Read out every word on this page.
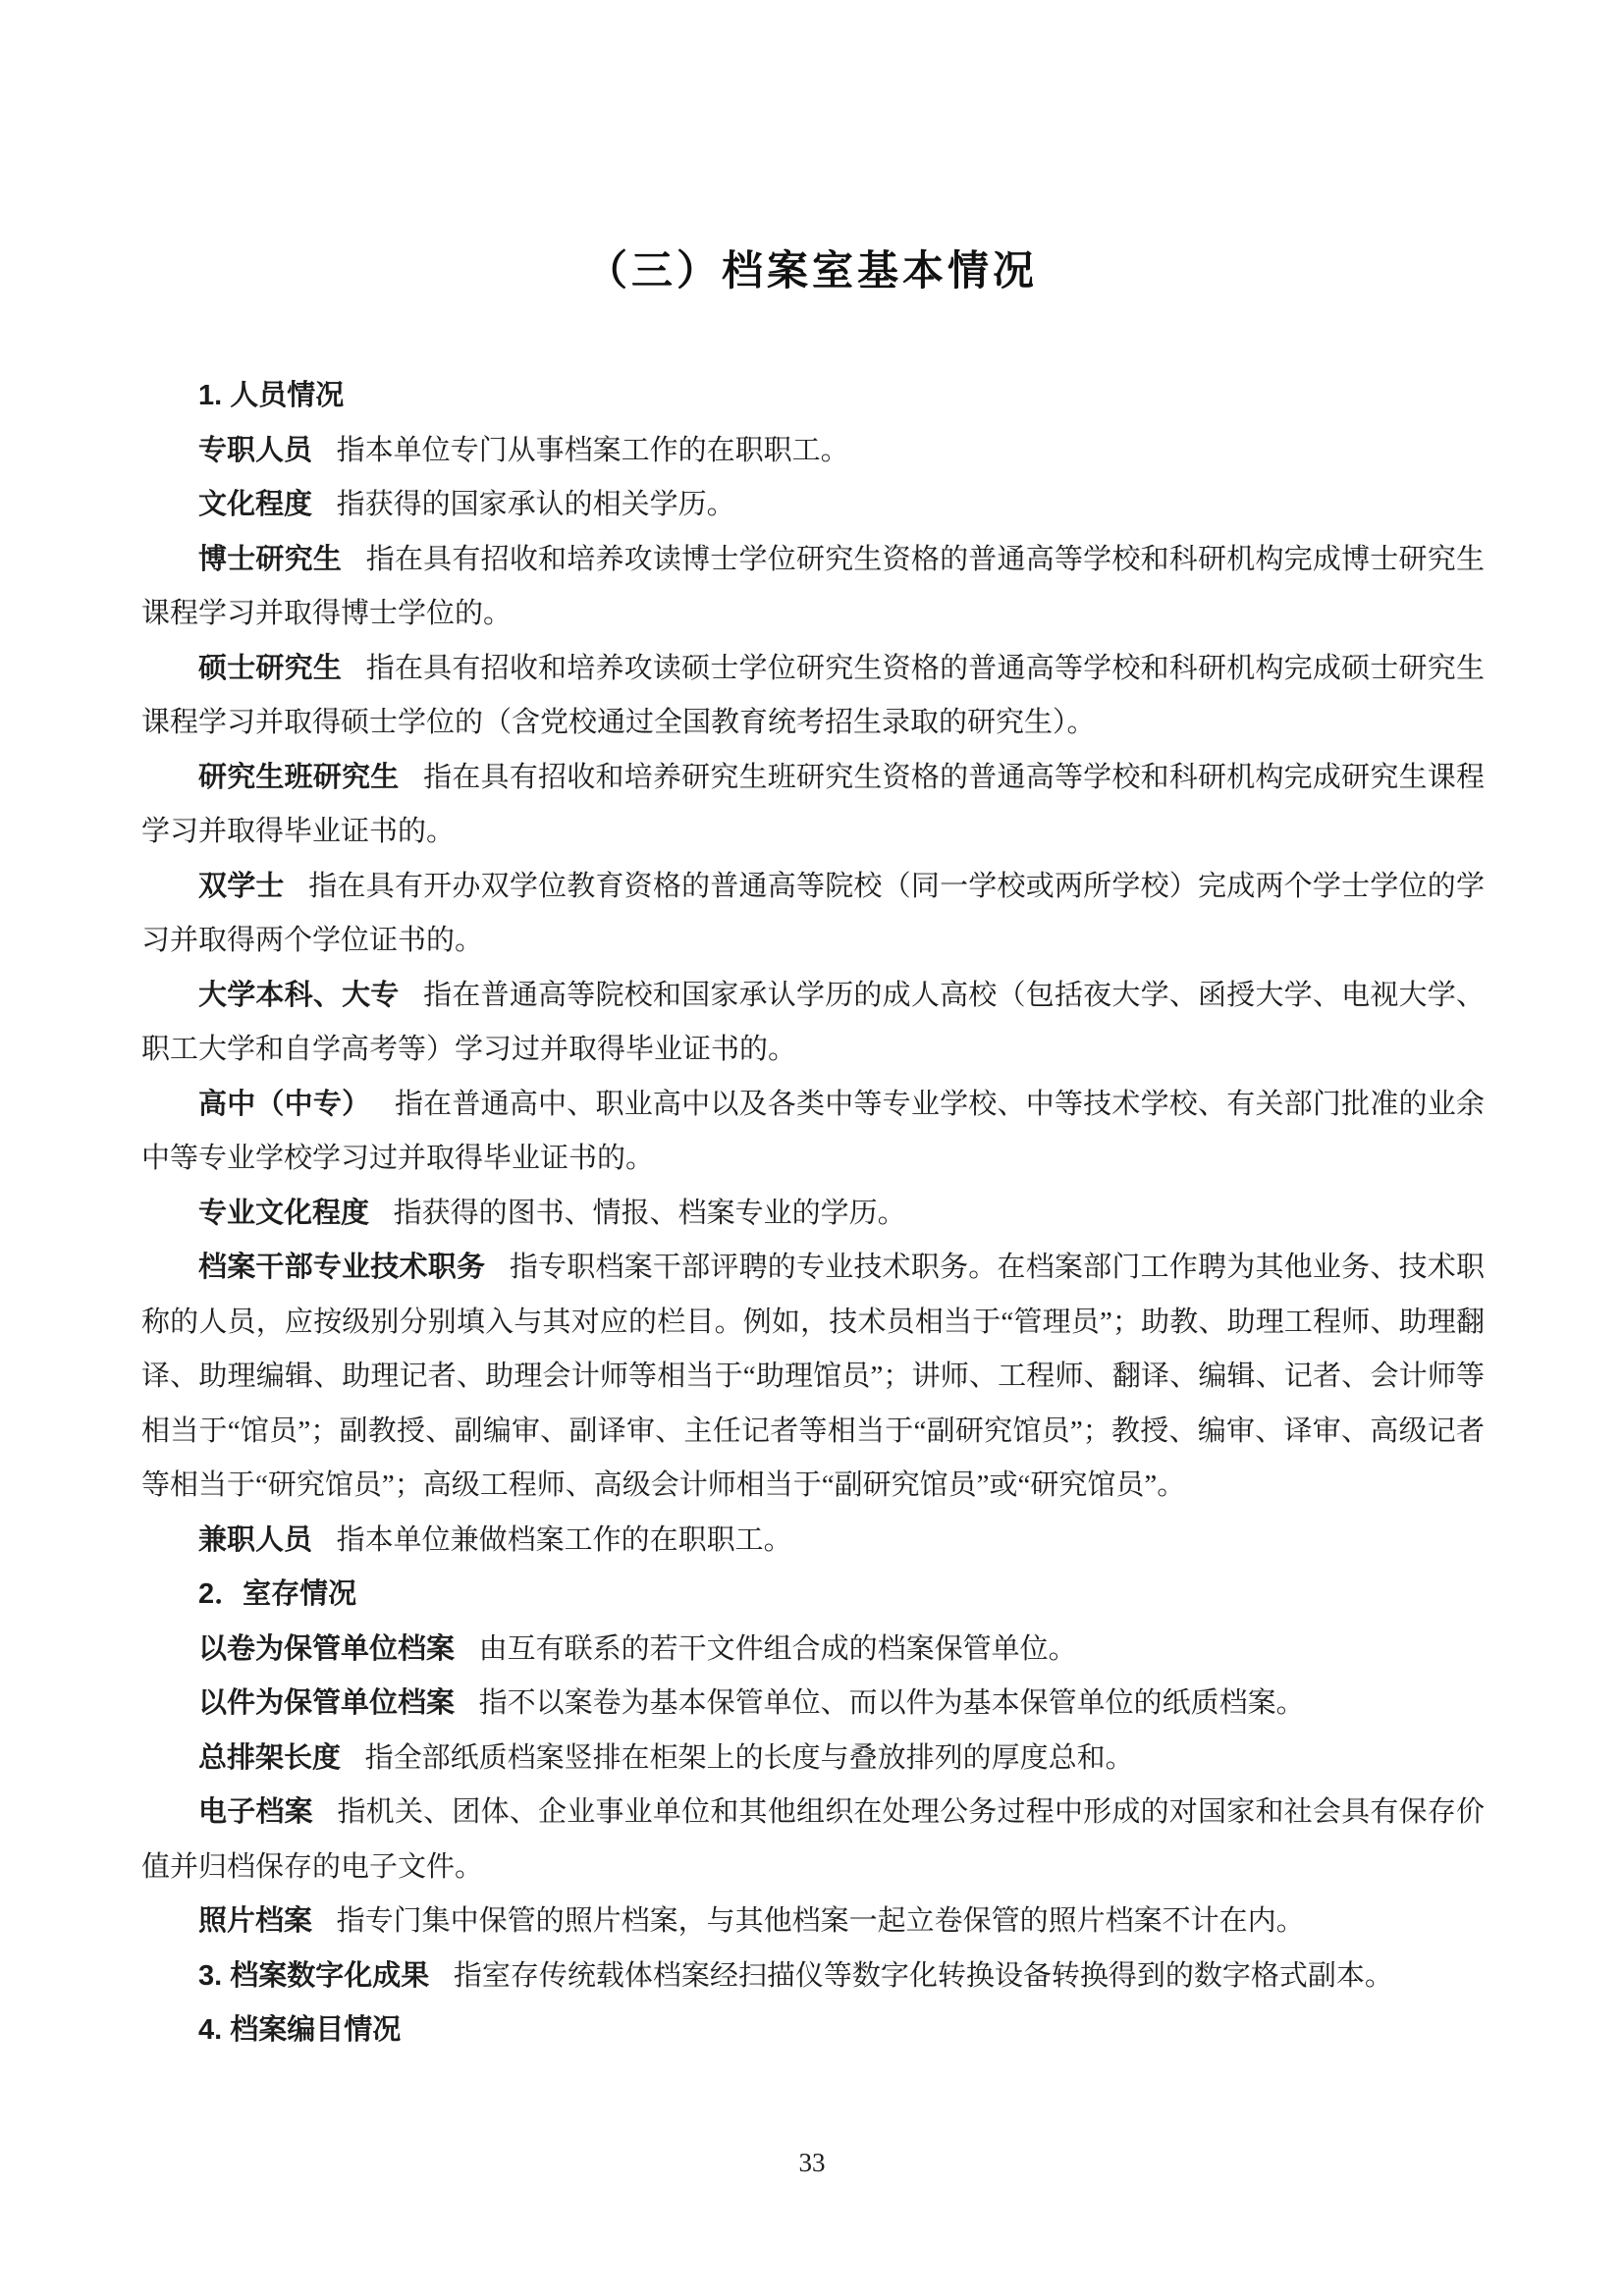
（三）档案室基本情况

1. 人员情况

专职人员 指本单位专门从事档案工作的在职职工。

文化程度 指获得的国家承认的相关学历。

博士研究生 指在具有招收和培养攻读博士学位研究生资格的普通高等学校和科研机构完成博士研究生课程学习并取得博士学位的。

硕士研究生 指在具有招收和培养攻读硕士学位研究生资格的普通高等学校和科研机构完成硕士研究生课程学习并取得硕士学位的（含党校通过全国教育统考招生录取的研究生）。

研究生班研究生 指在具有招收和培养研究生班研究生资格的普通高等学校和科研机构完成研究生课程学习并取得毕业证书的。

双学士 指在具有开办双学位教育资格的普通高等院校（同一学校或两所学校）完成两个学士学位的学习并取得两个学位证书的。

大学本科、大专 指在普通高等院校和国家承认学历的成人高校（包括夜大学、函授大学、电视大学、职工大学和自学高考等）学习过并取得毕业证书的。

高中（中专） 指在普通高中、职业高中以及各类中等专业学校、中等技术学校、有关部门批准的业余中等专业学校学习过并取得毕业证书的。

专业文化程度 指获得的图书、情报、档案专业的学历。

档案干部专业技术职务 指专职档案干部评聘的专业技术职务。在档案部门工作聘为其他业务、技术职称的人员，应按级别分别填入与其对应的栏目。例如，技术员相当于“管理员”；助教、助理工程师、助理翻译、助理编辑、助理记者、助理会计师等相当于“助理馆员”；讲师、工程师、翻译、编辑、记者、会计师等相当于“馆员”；副教授、副编审、副译审、主任记者等相当于“副研究馆员”；教授、编审、译审、高级记者等相当于“研究馆员”；高级工程师、高级会计师相当于“副研究馆员”或“研究馆员”。

兼职人员 指本单位兼做档案工作的在职职工。

2．室存情况

以卷为保管单位档案 由互有联系的若干文件组合成的档案保管单位。

以件为保管单位档案 指不以案卷为基本保管单位、而以件为基本保管单位的纸质档案。

总排架长度 指全部纸质档案竖排在柜架上的长度与叠放排列的厚度总和。

电子档案 指机关、团体、企业事业单位和其他组织在处理公务过程中形成的对国家和社会具有保存价值并归档保存的电子文件。

照片档案 指专门集中保管的照片档案，与其他档案一起立卷保管的照片档案不计在内。

3. 档案数字化成果 指室存传统载体档案经扫描仪等数字化转换设备转换得到的数字格式副本。

4. 档案编目情况

33
